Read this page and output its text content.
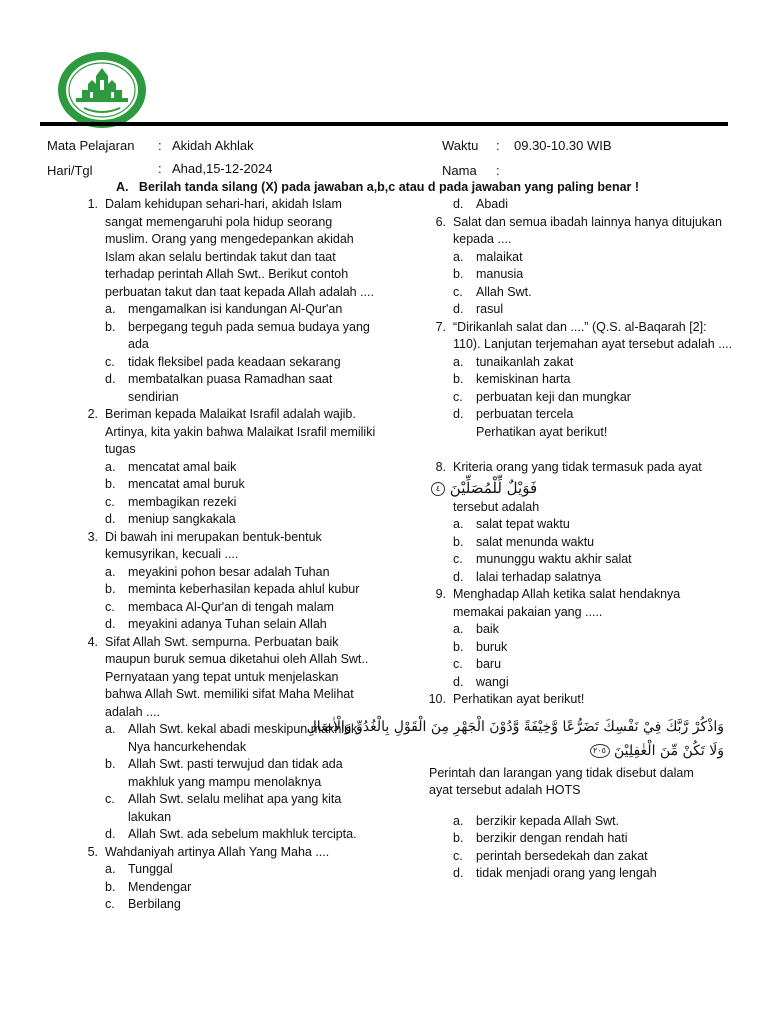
Mata Pelajaran : Akidah Akhlak
Hari/Tgl	: Ahad,15-12-2024
Waktu : 09.30-10.30 WIB
Nama :
A.   Berilah tanda silang (X) pada jawaban a,b,c atau d pada jawaban yang paling benar !
1. Dalam kehidupan sehari-hari, akidah Islam sangat memengaruhi pola hidup seorang muslim. Orang yang mengedepankan akidah Islam akan selalu bertindak takut dan taat terhadap perintah Allah Swt.. Berikut contoh perbuatan takut dan taat kepada Allah adalah ....
a.	mengamalkan isi kandungan Al-Qur'an
b.	berpegang teguh pada semua budaya yang ada
c.	tidak fleksibel pada keadaan sekarang
d.	membatalkan puasa Ramadhan saat sendirian
2. Beriman kepada Malaikat Israfil adalah wajib. Artinya, kita yakin bahwa Malaikat Israfil memiliki tugas
a.	mencatat amal baik
b.	mencatat amal buruk
c.	membagikan rezeki
d.	meniup sangkakala
3. Di bawah ini merupakan bentuk-bentuk kemusyrikan, kecuali ....
a.	meyakini pohon besar adalah Tuhan
b.	meminta keberhasilan kepada ahlul kubur
c.	membaca Al-Qur'an di tengah malam
d.	meyakini adanya Tuhan selain Allah
4. Sifat Allah Swt. sempurna. Perbuatan baik maupun buruk semua diketahui oleh Allah Swt.. Pernyataan yang tepat untuk menjelaskan bahwa Allah Swt. memiliki sifat Maha Melihat adalah ....
a.	Allah Swt. kekal abadi meskipun makhluk-Nya hancurkehendak
b.	Allah Swt. pasti terwujud dan tidak ada makhluk yang mampu menolaknya
c.	Allah Swt. selalu melihat apa yang kita lakukan
d.	Allah Swt. ada sebelum makhluk tercipta.
5. Wahdaniyah artinya Allah Yang Maha ....
a.	Tunggal
b.	Mendengar
c.	Berbilang
d.	Abadi
6. Salat dan semua ibadah lainnya hanya ditujukan kepada ....
a.	malaikat
b.	manusia
c.	Allah Swt.
d.	rasul
7. “Dirikanlah salat dan ....” (Q.S. al-Baqarah [2]: 110). Lanjutan terjemahan ayat tersebut adalah ....
a.	tunaikanlah zakat
b.	kemiskinan harta
c.	perbuatan keji dan mungkar
d.	perbuatan tercela
Perhatikan ayat berikut!
8. Kriteria orang yang tidak termasuk pada ayat
٤ فَوَيْلٌ لِّلْمُصَلِّيْنَ
tersebut adalah
a.	salat tepat waktu
b.	salat menunda waktu
c.	mununggu waktu akhir salat
d.	lalai terhadap salatnya
9. Menghadap Allah ketika salat hendaknya memakai pakaian yang .....
a.	baik
b.	buruk
c.	baru
d.	wangi
10. Perhatikan ayat berikut!
وَاذْكُرْ رَّبَّكَ فِيْ نَفْسِكَ تَضَرُّعًا وَّخِيْفَةً وَّدُوْنَ الْجَهْرِ مِنَ الْقَوْلِ بِالْغُدُوِّ وَالْاٰصَالِ
وَلَا تَكُنْ مِّنَ الْغٰفِلِيْنَ ٢٠٥
Perintah dan larangan yang tidak disebut dalam ayat tersebut adalah HOTS
a.	berzikir kepada Allah Swt.
b.	berzikir dengan rendah hati
c.	perintah bersedekah dan zakat
d.	tidak menjadi orang yang lengah
